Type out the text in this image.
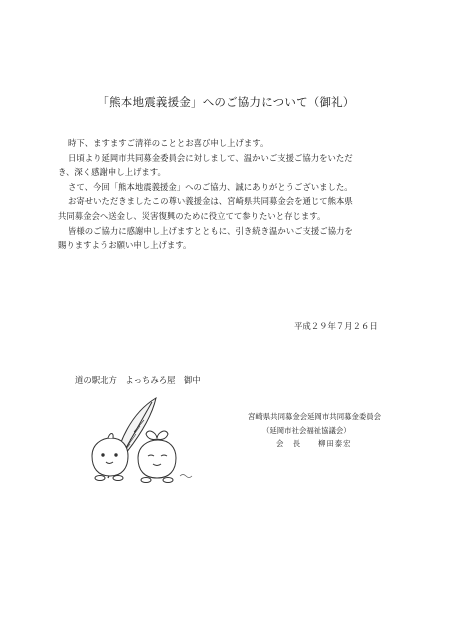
「熊本地震義援金」へのご協力について（御礼）

時下、ますますご清祥のこととお喜び申し上げます。

日頃より延岡市共同募金委員会に対しまして、温かいご支援ご協力をいただ

き、深く感謝申し上げます。

さて、今回「熊本地震義援金」へのご協力、誠にありがとうございました。

お寄せいただきましたこの尊い義援金は、宮崎県共同募金会を通じて熊本県

共同募金会へ送金し、災害復興のために役立てて参りたいと存じます。

皆様のご協力に感謝申し上げますとともに、引き続き温かいご支援ご協力を

賜りますようお願い申し上げます。

平成２９年７月２６日
道の駅北方　よっちみろ屋　御中
宮崎県共同募金会延岡市共同募金委員会
（延岡市社会福祉協議会）
会　長　　柳田泰宏
